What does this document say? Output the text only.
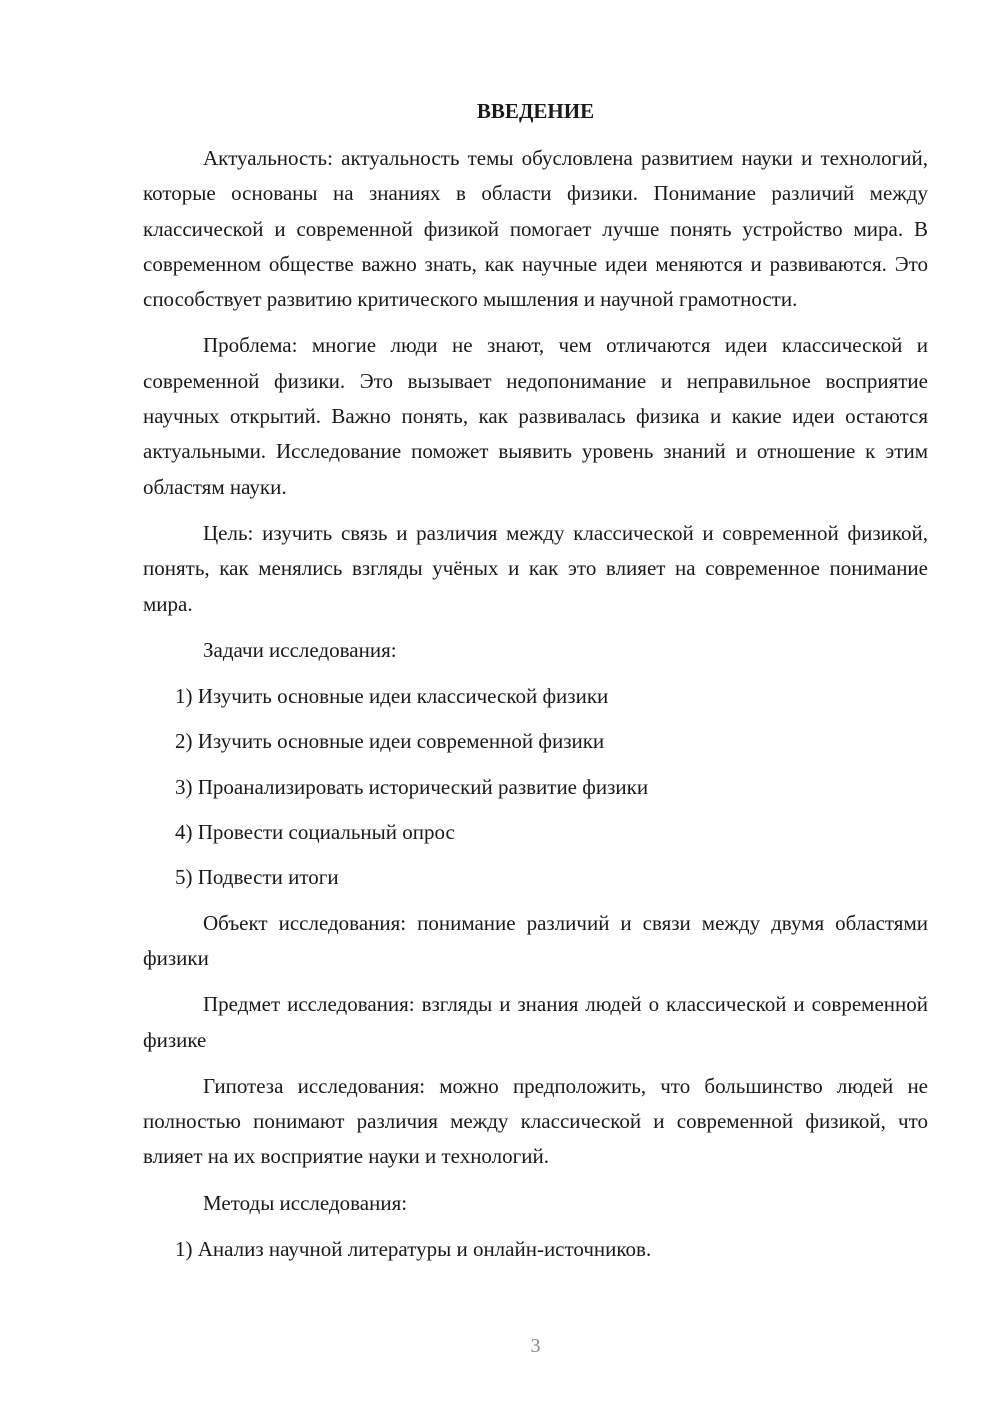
ВВЕДЕНИЕ

Актуальность: актуальность темы обусловлена развитием науки и технологий, которые основаны на знаниях в области физики. Понимание различий между классической и современной физикой помогает лучше понять устройство мира. В современном обществе важно знать, как научные идеи меняются и развиваются. Это способствует развитию критического мышления и научной грамотности.

Проблема: многие люди не знают, чем отличаются идеи классической и современной физики. Это вызывает недопонимание и неправильное восприятие научных открытий. Важно понять, как развивалась физика и какие идеи остаются актуальными. Исследование поможет выявить уровень знаний и отношение к этим областям науки.

Цель: изучить связь и различия между классической и современной физикой, понять, как менялись взгляды учёных и как это влияет на современное понимание мира.

Задачи исследования:

1) Изучить основные идеи классической физики

2) Изучить основные идеи современной физики

3) Проанализировать исторический развитие физики

4) Провести социальный опрос

5) Подвести итоги

Объект исследования: понимание различий и связи между двумя областями физики

Предмет исследования: взгляды и знания людей о классической и современной физике

Гипотеза исследования: можно предположить, что большинство людей не полностью понимают различия между классической и современной физикой, что влияет на их восприятие науки и технологий.

Методы исследования:

1) Анализ научной литературы и онлайн-источников.

3
